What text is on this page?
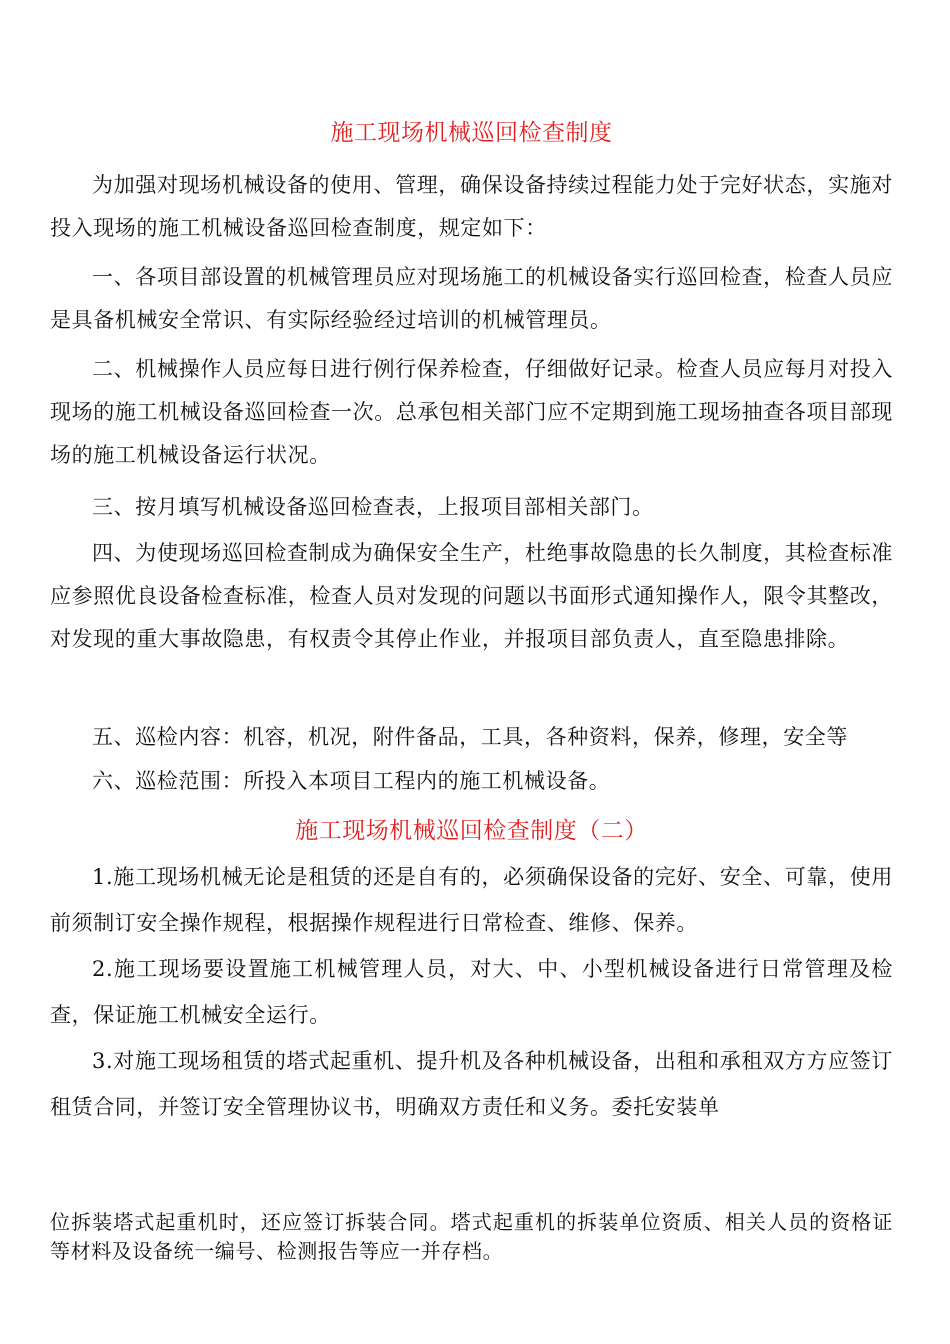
施工现场机械巡回检查制度

为加强对现场机械设备的使用、管理，确保设备持续过程能力处于完好状态，实施对投入现场的施工机械设备巡回检查制度，规定如下：

一、各项目部设置的机械管理员应对现场施工的机械设备实行巡回检查，检查人员应是具备机械安全常识、有实际经验经过培训的机械管理员。

二、机械操作人员应每日进行例行保养检查，仔细做好记录。检查人员应每月对投入现场的施工机械设备巡回检查一次。总承包相关部门应不定期到施工现场抽查各项目部现场的施工机械设备运行状况。

三、按月填写机械设备巡回检查表，上报项目部相关部门。

四、为使现场巡回检查制成为确保安全生产，杜绝事故隐患的长久制度，其检查标准应参照优良设备检查标准，检查人员对发现的问题以书面形式通知操作人，限令其整改，对发现的重大事故隐患，有权责令其停止作业，并报项目部负责人，直至隐患排除。

五、巡检内容：机容，机况，附件备品，工具，各种资料，保养，修理，安全等

六、巡检范围：所投入本项目工程内的施工机械设备。

施工现场机械巡回检查制度（二）

1.施工现场机械无论是租赁的还是自有的，必须确保设备的完好、安全、可靠，使用前须制订安全操作规程，根据操作规程进行日常检查、维修、保养。

2.施工现场要设置施工机械管理人员，对大、中、小型机械设备进行日常管理及检查，保证施工机械安全运行。

3.对施工现场租赁的塔式起重机、提升机及各种机械设备，出租和承租双方方应签订租赁合同，并签订安全管理协议书，明确双方责任和义务。委托安装单

位拆装塔式起重机时，还应签订拆装合同。塔式起重机的拆装单位资质、相关人员的资格证等材料及设备统一编号、检测报告等应一并存档。
